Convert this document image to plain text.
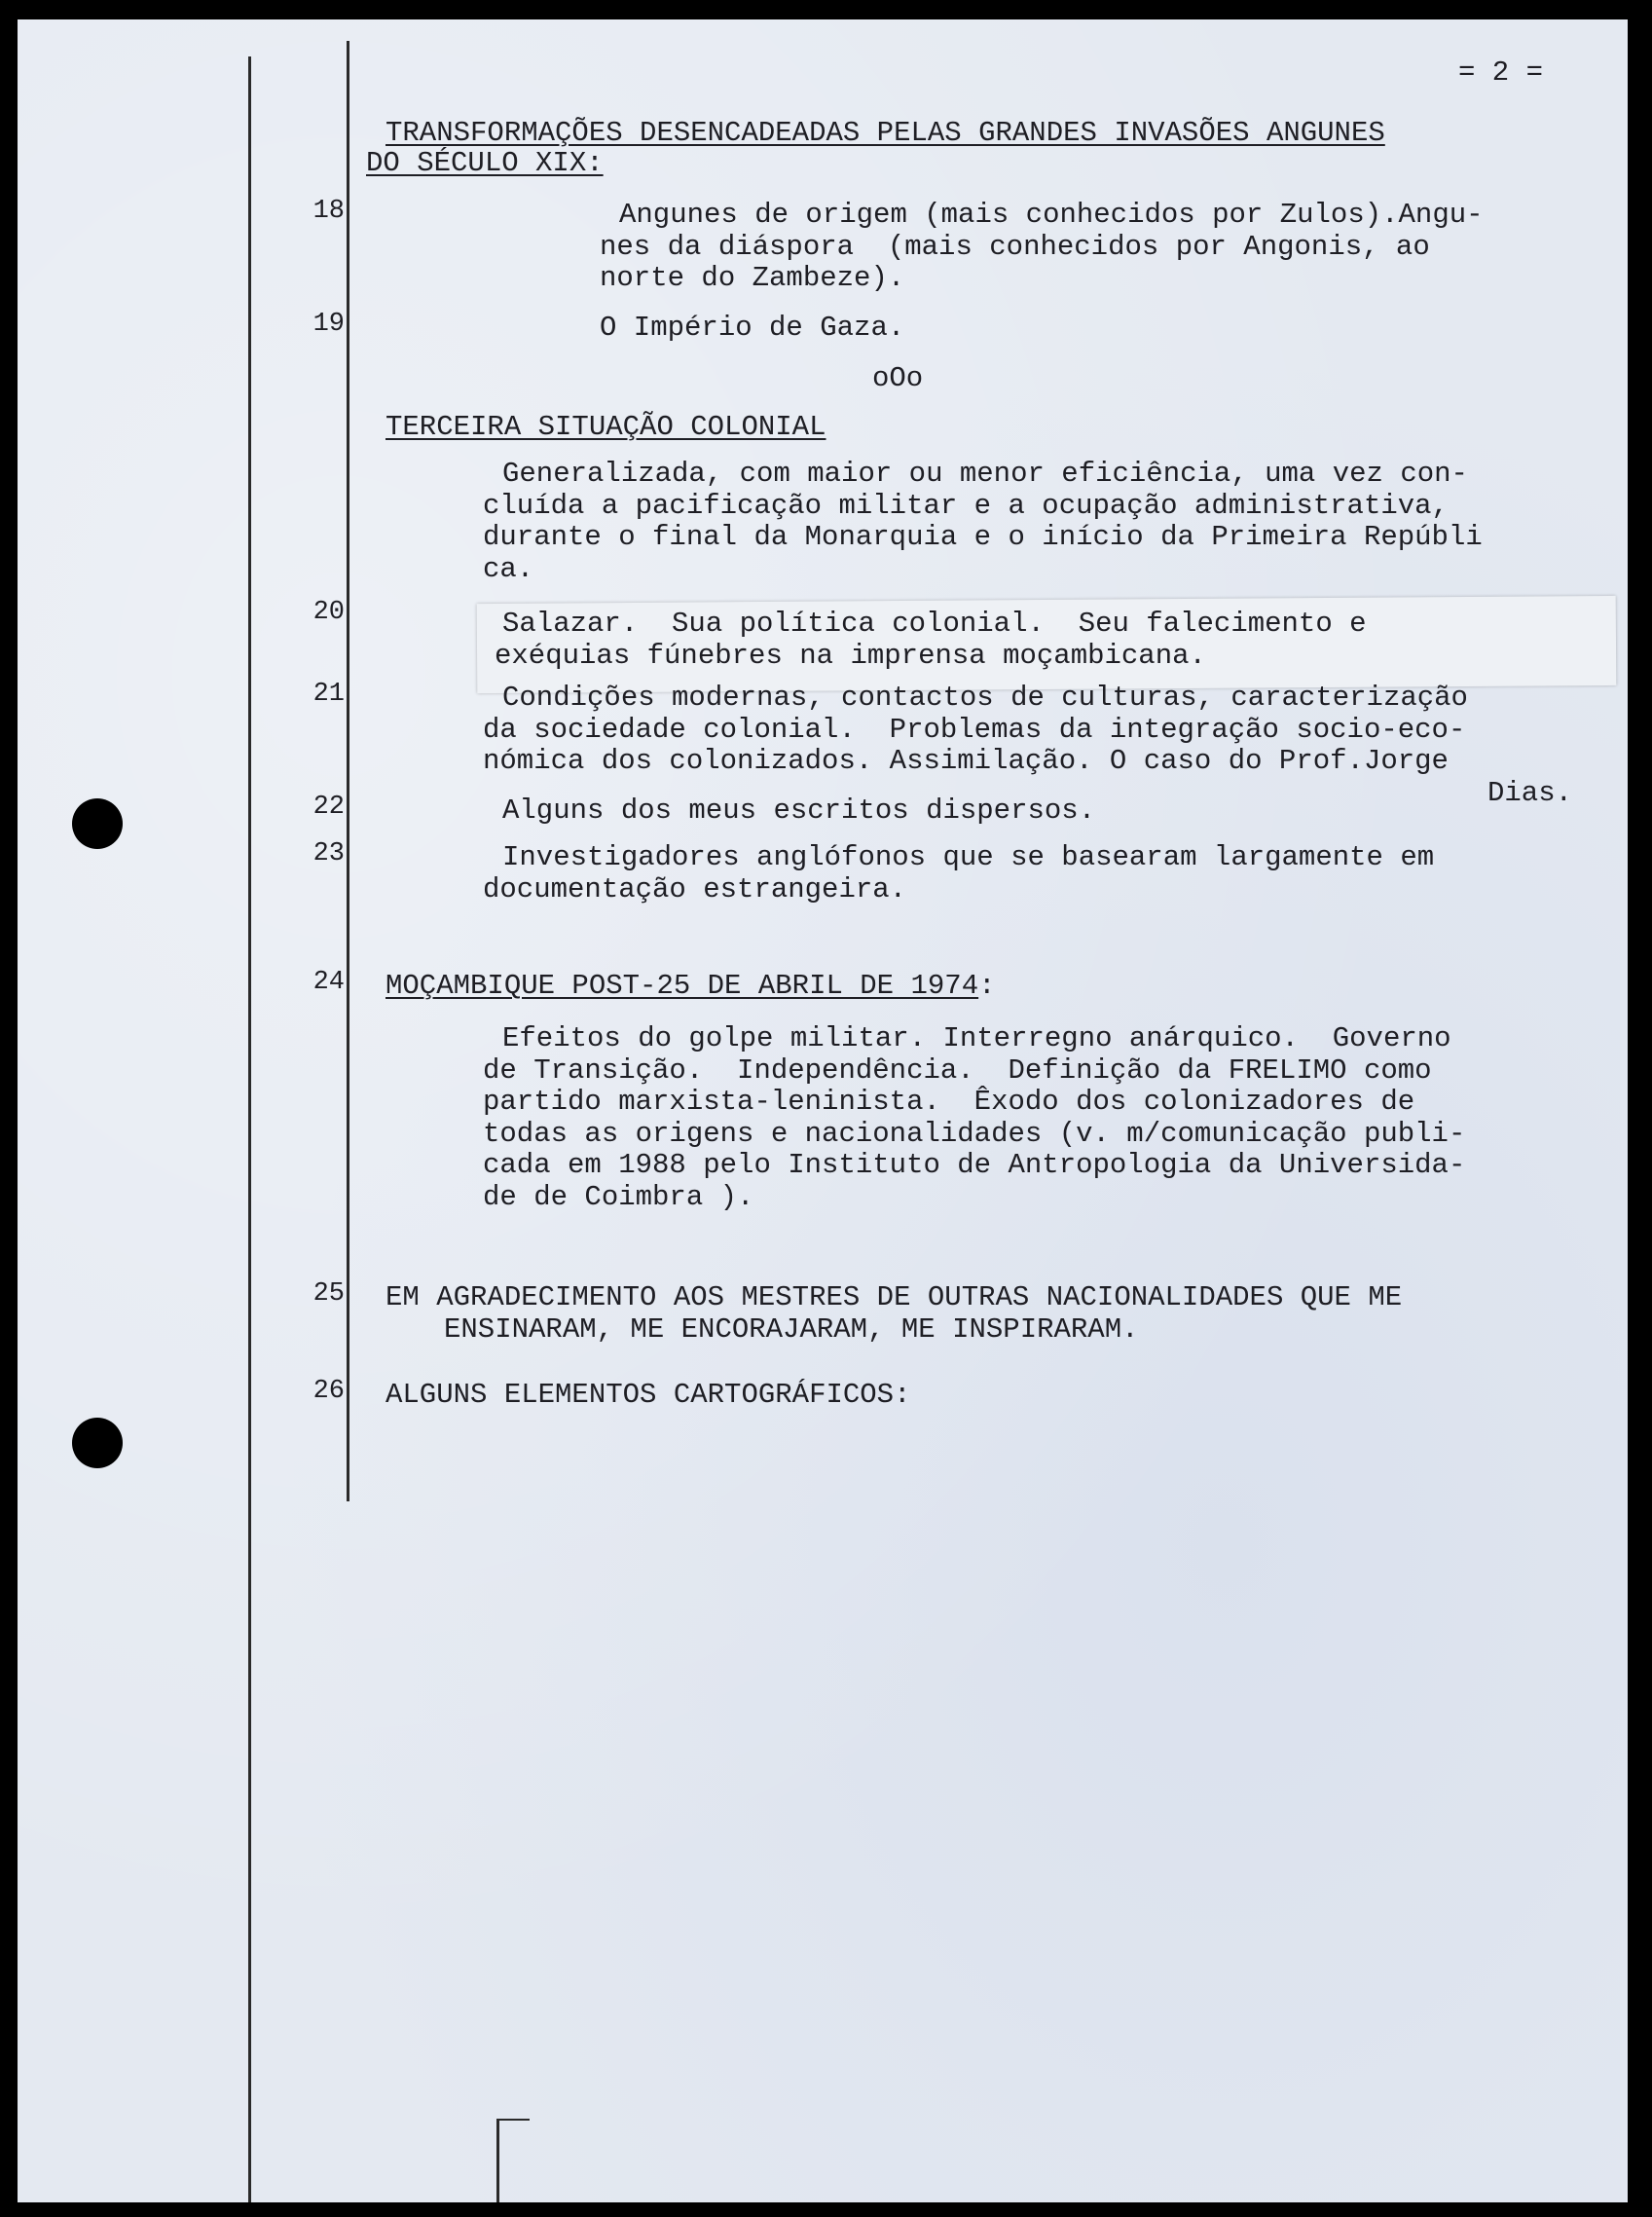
= 2 =

TRANSFORMAÇÕES DESENCADEADAS PELAS GRANDES INVASÕES ANGUNES

DO SÉCULO XIX:

18	Angunes de origem (mais conhecidos por Zulos).Angu-

nes da diáspora  (mais conhecidos por Angonis, ao

norte do Zambeze).

19	O Império de Gaza.

oOo

TERCEIRA SITUAÇÃO COLONIAL

Generalizada, com maior ou menor eficiência, uma vez con-

cluída a pacificação militar e a ocupação administrativa,

durante o final da Monarquia e o início da Primeira Repúbli

ca.

20	Salazar.  Sua política colonial.  Seu falecimento e

exéquias fúnebres na imprensa moçambicana.

21	Condições modernas, contactos de culturas, caracterização

da sociedade colonial.  Problemas da integração socio-eco-

nómica dos colonizados. Assimilação. O caso do Prof.Jorge

Dias.

22	Alguns dos meus escritos dispersos.

23	Investigadores anglófonos que se basearam largamente em

documentação estrangeira.

24 MOÇAMBIQUE POST-25 DE ABRIL DE 1974:

Efeitos do golpe militar. Interregno anárquico.  Governo

de Transição.  Independência.  Definição da FRELIMO como

partido marxista-leninista.  Êxodo dos colonizadores de

todas as origens e nacionalidades (v. m/comunicação publi-

cada em 1988 pelo Instituto de Antropologia da Universida-

de de Coimbra ).

25 EM AGRADECIMENTO AOS MESTRES DE OUTRAS NACIONALIDADES QUE ME

ENSINARAM, ME ENCORAJARAM, ME INSPIRARAM.

26 ALGUNS ELEMENTOS CARTOGRÁFICOS:
